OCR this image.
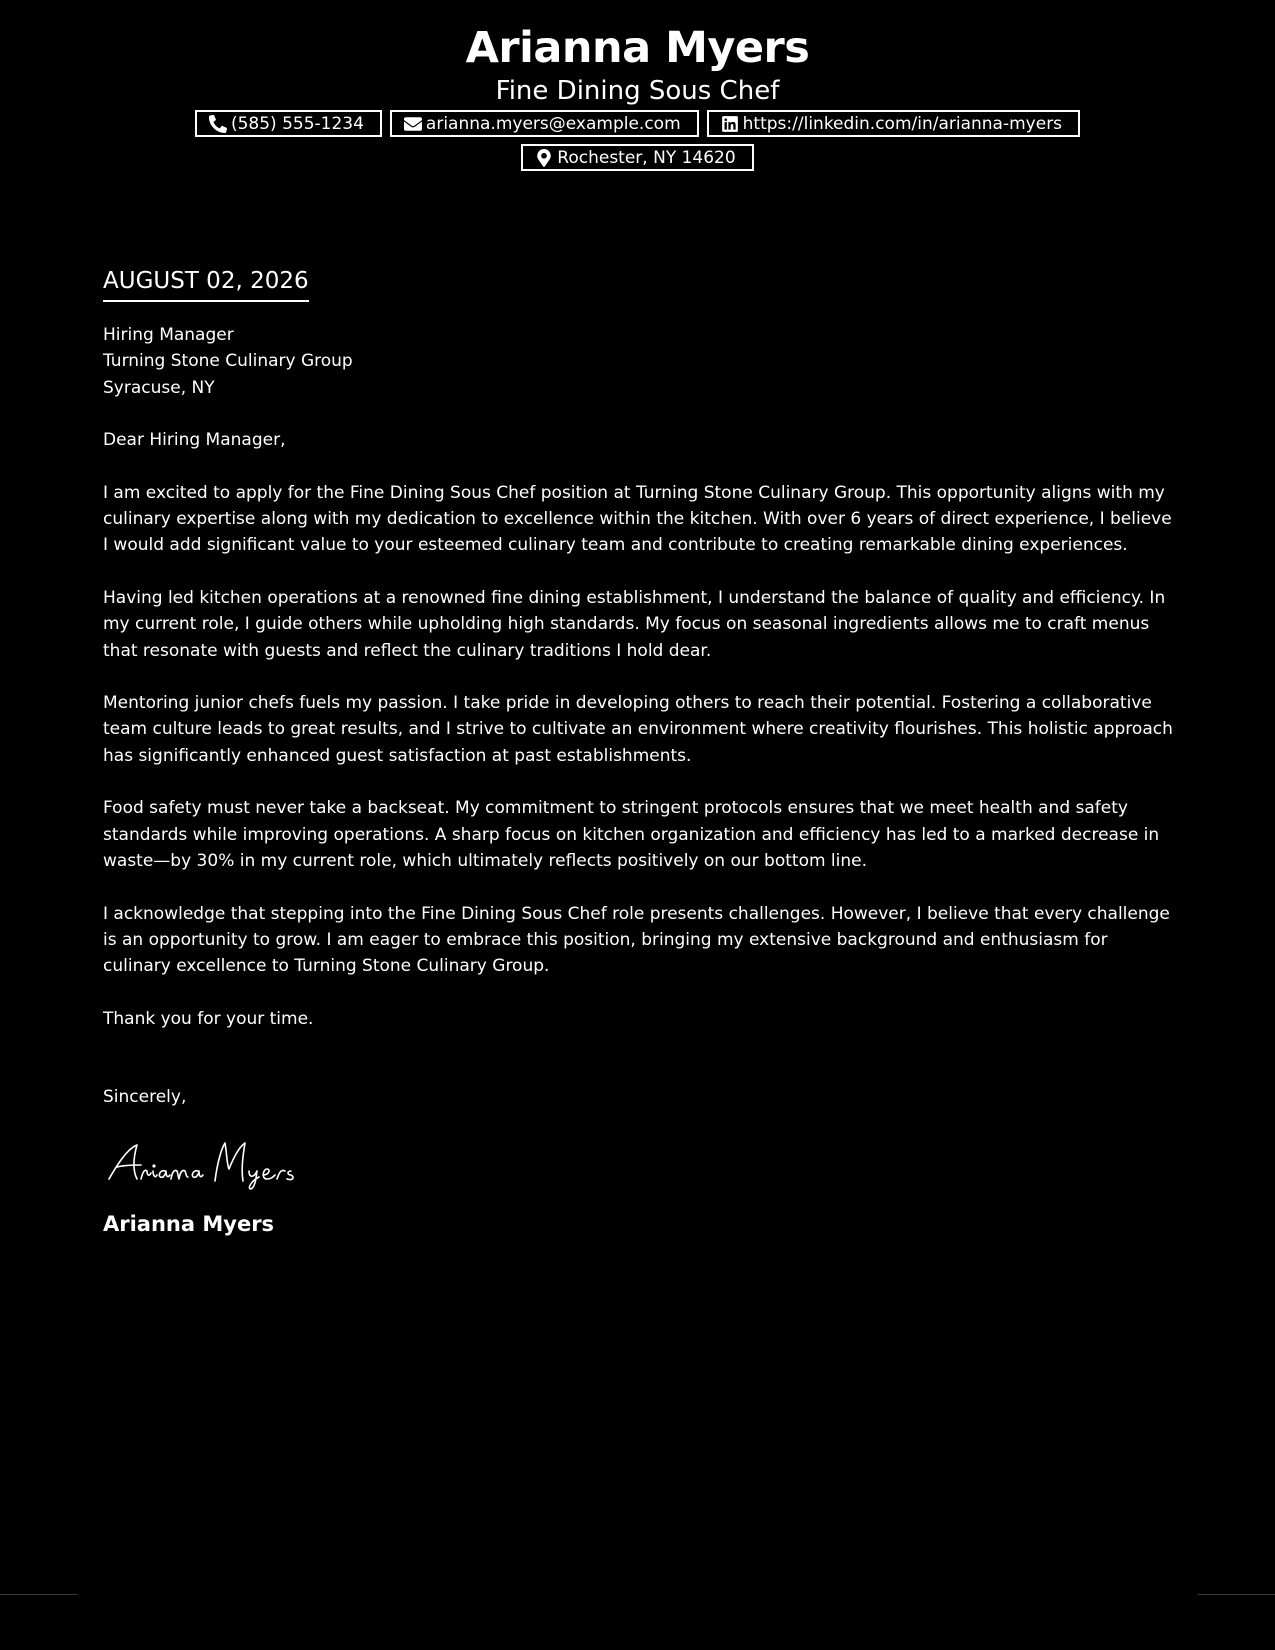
Arianna Myers
Fine Dining Sous Chef
(585) 555-1234	arianna.myers@example.com	https://linkedin.com/in/arianna-myers
Rochester, NY 14620
AUGUST 02, 2026
Hiring Manager
Turning Stone Culinary Group
Syracuse, NY
Dear Hiring Manager,

I am excited to apply for the Fine Dining Sous Chef position at Turning Stone Culinary Group. This opportunity aligns with my culinary expertise along with my dedication to excellence within the kitchen. With over 6 years of direct experience, I believe I would add significant value to your esteemed culinary team and contribute to creating remarkable dining experiences.

Having led kitchen operations at a renowned fine dining establishment, I understand the balance of quality and efficiency. In my current role, I guide others while upholding high standards. My focus on seasonal ingredients allows me to craft menus that resonate with guests and reflect the culinary traditions I hold dear.

Mentoring junior chefs fuels my passion. I take pride in developing others to reach their potential. Fostering a collaborative team culture leads to great results, and I strive to cultivate an environment where creativity flourishes. This holistic approach has significantly enhanced guest satisfaction at past establishments.

Food safety must never take a backseat. My commitment to stringent protocols ensures that we meet health and safety standards while improving operations. A sharp focus on kitchen organization and efficiency has led to a marked decrease in waste—by 30% in my current role, which ultimately reflects positively on our bottom line.

I acknowledge that stepping into the Fine Dining Sous Chef role presents challenges. However, I believe that every challenge is an opportunity to grow. I am eager to embrace this position, bringing my extensive background and enthusiasm for culinary excellence to Turning Stone Culinary Group.

Thank you for your time.

Sincerely,
Arianna Myers
